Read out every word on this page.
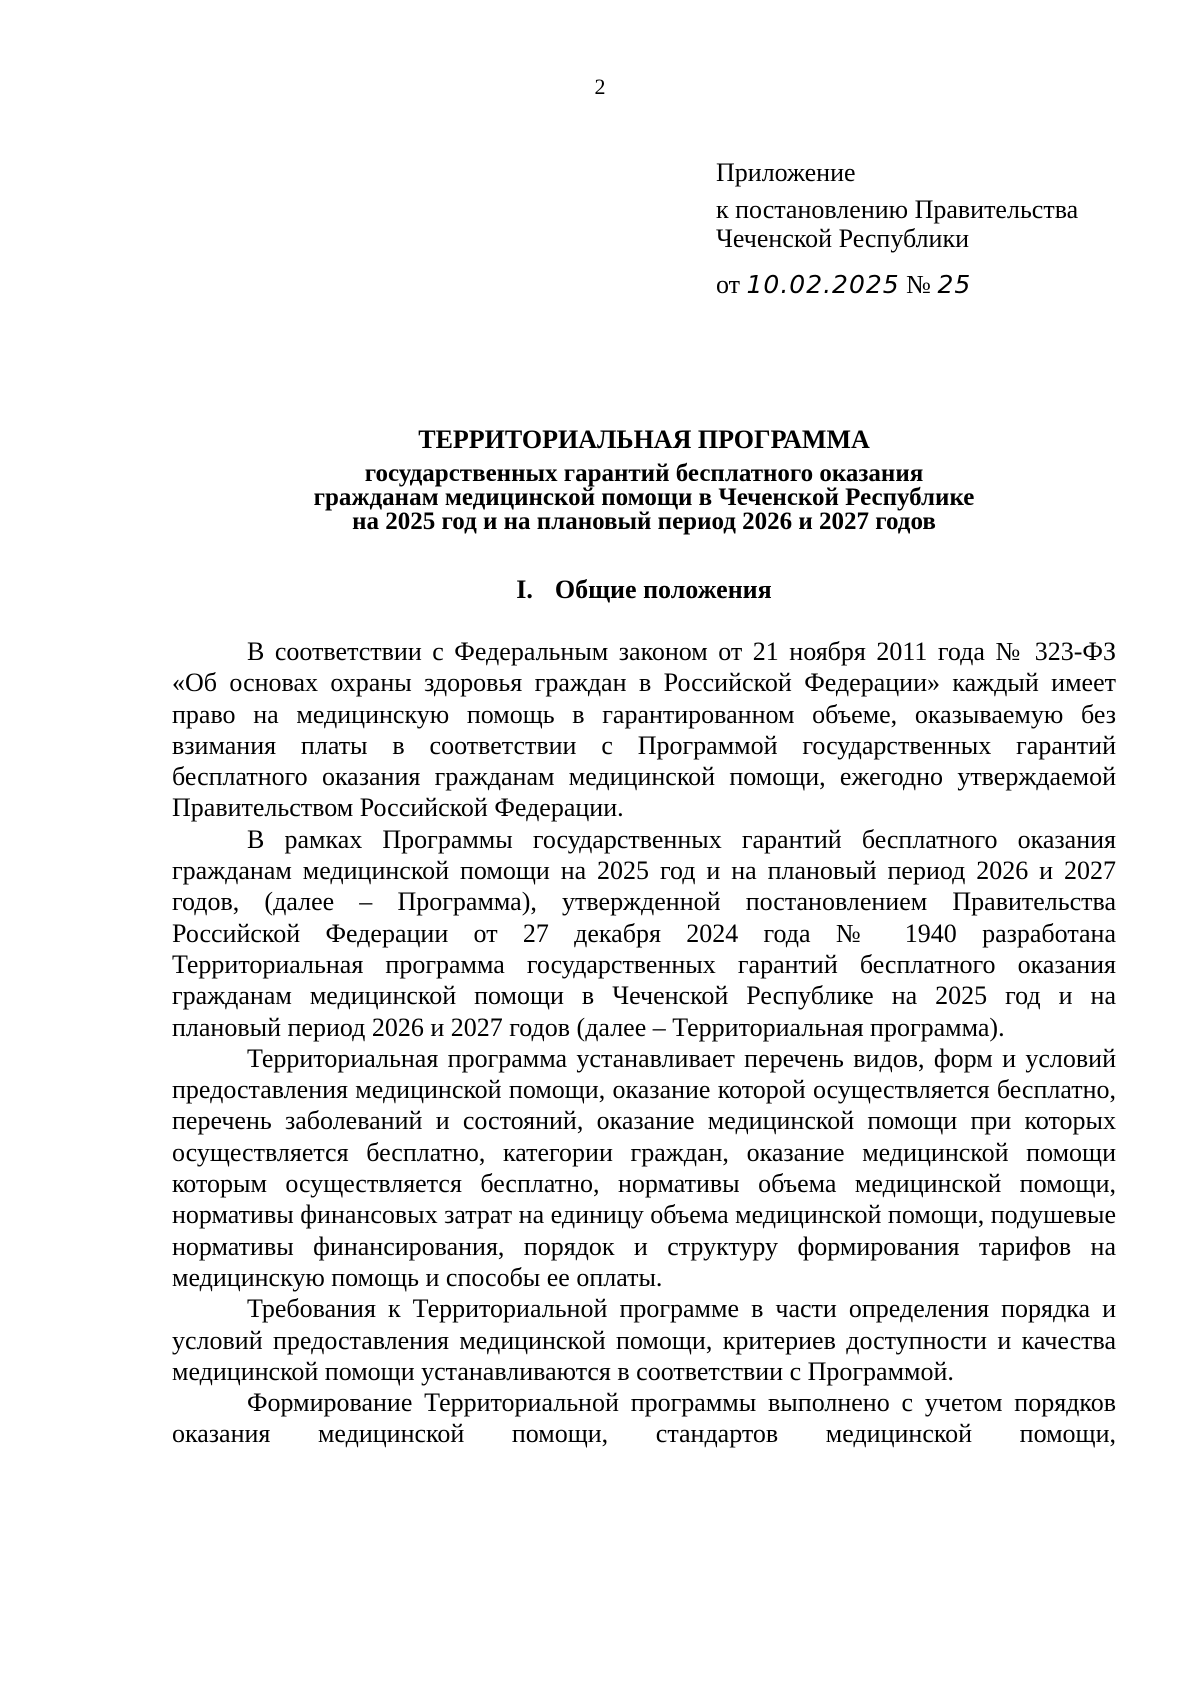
2
Приложение
к постановлению Правительства
Чеченской Республики
от 10.02.2025 № 25
ТЕРРИТОРИАЛЬНАЯ ПРОГРАММА
государственных гарантий бесплатного оказания
гражданам медицинской помощи в Чеченской Республике
на 2025 год и на плановый период 2026 и 2027 годов
I. Общие положения

В соответствии с Федеральным законом от 21 ноября 2011 года № 323-ФЗ «Об основах охраны здоровья граждан в Российской Федерации» каждый имеет право на медицинскую помощь в гарантированном объеме, оказываемую без взимания платы в соответствии с Программой государственных гарантий бесплатного оказания гражданам медицинской помощи, ежегодно утверждаемой Правительством Российской Федерации.

В рамках Программы государственных гарантий бесплатного оказания гражданам медицинской помощи на 2025 год и на плановый период 2026 и 2027 годов, (далее – Программа), утвержденной постановлением Правительства Российской Федерации от 27 декабря 2024 года № 1940 разработана Территориальная программа государственных гарантий бесплатного оказания гражданам медицинской помощи в Чеченской Республике на 2025 год и на плановый период 2026 и 2027 годов (далее – Территориальная программа).

Территориальная программа устанавливает перечень видов, форм и условий предоставления медицинской помощи, оказание которой осуществляется бесплатно, перечень заболеваний и состояний, оказание медицинской помощи при которых осуществляется бесплатно, категории граждан, оказание медицинской помощи которым осуществляется бесплатно, нормативы объема медицинской помощи, нормативы финансовых затрат на единицу объема медицинской помощи, подушевые нормативы финансирования, порядок и структуру формирования тарифов на медицинскую помощь и способы ее оплаты.

Требования к Территориальной программе в части определения порядка и условий предоставления медицинской помощи, критериев доступности и качества медицинской помощи устанавливаются в соответствии с Программой.

Формирование Территориальной программы выполнено с учетом порядков оказания медицинской помощи, стандартов медицинской помощи,
